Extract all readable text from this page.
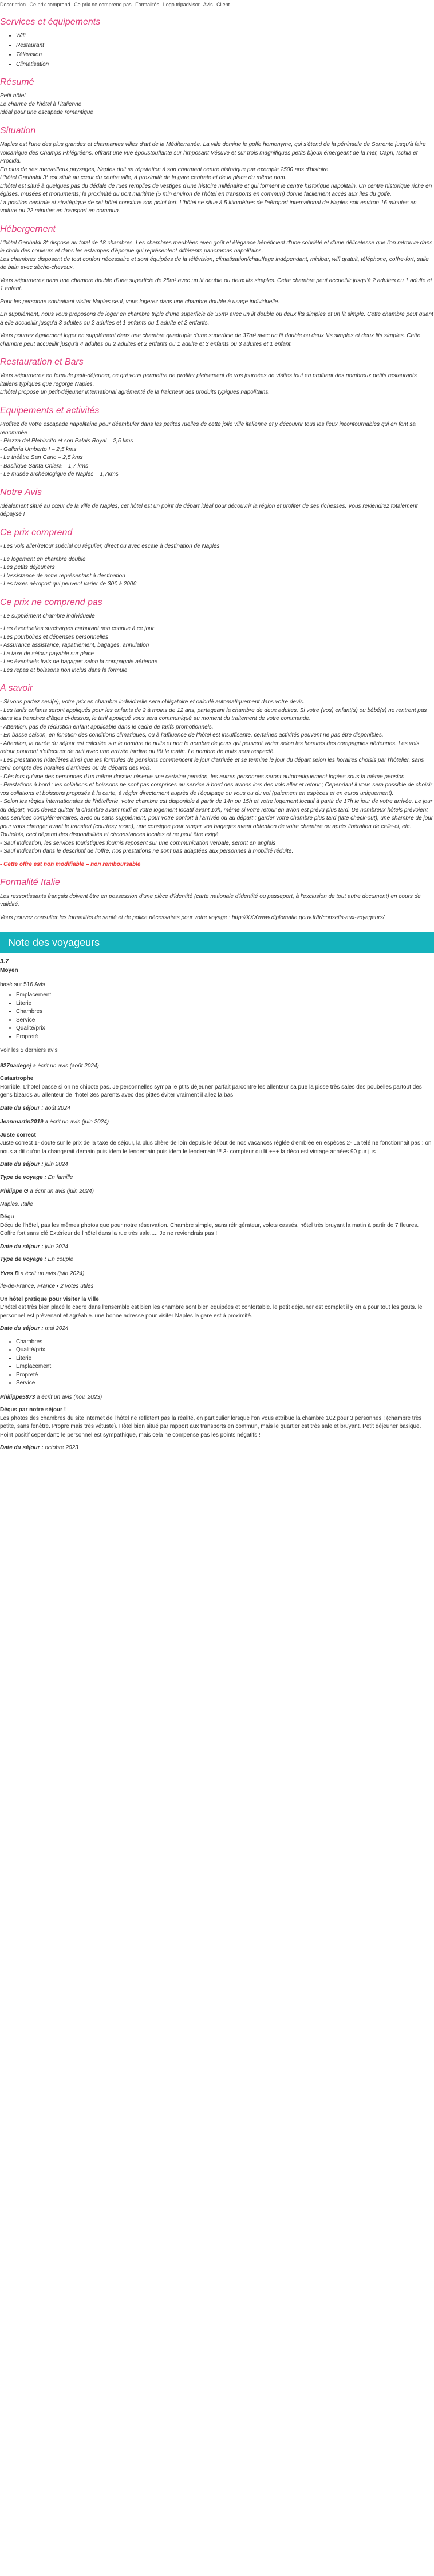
Description Ce prix comprend Ce prix ne comprend pas Formalités Logo tripadvisor Avis Client
Services et équipements
• Wifi
• Restaurant
• Télévision
• Climatisation
Résumé

Petit hôtel

Le charme de l'hôtel à l'italienne

Idéal pour une escapade romantique

Situation

Naples est l'une des plus grandes et charmantes villes d'art de la Méditerranée. La ville domine le golfe homonyme, qui s'étend de la péninsule de Sorrente jusqu'à faire volcanique des Champs Phlégréens, offrant une vue époustouflante sur l'imposant Vésuve et sur trois magnifiques petits bijoux émergeant de la mer, Capri, Ischia et Procida.

En plus de ses merveilleux paysages, Naples doit sa réputation à son charmant centre historique par exemple 2500 ans d'histoire.

L'hôtel Garibaldi 3* est situé au cœur du centre ville, à proximité de la gare centrale et de la place du même nom.

L'hôtel est situé à quelques pas du dédale de rues remplies de vestiges d'une histoire millénaire et qui forment le centre historique napolitain. Un centre historique riche en églises, musées et monuments; la proximité du port maritime (5 min environ de l'hôtel en transports en commun) donne facilement accès aux îles du golfe.

La position centrale et stratégique de cet hôtel constitue son point fort. L'hôtel se situe à 5 kilomètres de l'aéroport international de Naples soit environ 16 minutes en voiture ou 22 minutes en transport en commun.

Hébergement

L'hôtel Garibaldi 3* dispose au total de 18 chambres. Les chambres meublées avec goût et élégance bénéficient d'une sobriété et d'une délicatesse que l'on retrouve dans le choix des couleurs et dans les estampes d'époque qui représentent différents panoramas napolitains.

Les chambres disposent de tout confort nécessaire et sont équipées de la télévision, climatisation/chauffage indépendant, minibar, wifi gratuit, téléphone, coffre-fort, salle de bain avec sèche-cheveux.

Vous séjournerez dans une chambre double d'une superficie de 25m² avec un lit double ou deux lits simples. Cette chambre peut accueillir jusqu'à 2 adultes ou 1 adulte et 1 enfant.

Pour les personne souhaitant visiter Naples seul, vous logerez dans une chambre double à usage individuelle.

En supplément, nous vous proposons de loger en chambre triple d'une superficie de 35m² avec un lit double ou deux lits simples et un lit simple. Cette chambre peut quant à elle accueillir jusqu'à 3 adultes ou 2 adultes et 1 enfants ou 1 adulte et 2 enfants.

Vous pourrez également loger en supplément dans une chambre quadruple d'une superficie de 37m² avec un lit double ou deux lits simples et deux lits simples. Cette chambre peut accueillir jusqu'à 4 adultes ou 2 adultes et 2 enfants ou 1 adulte et 3 enfants ou 3 adultes et 1 enfant.

Restauration et Bars

Vous séjournerez en formule petit-déjeuner, ce qui vous permettra de profiter pleinement de vos journées de visites tout en profitant des nombreux petits restaurants italiens typiques que regorge Naples.

L'hôtel propose un petit-déjeuner international agrémenté de la fraîcheur des produits typiques napolitains.

Equipements et activités

Profitez de votre escapade napolitaine pour déambuler dans les petites ruelles de cette jolie ville italienne et y découvrir tous les lieux incontournables qui en font sa renommée :

- Piazza del Plebiscito et son Palais Royal – 2,5 kms

- Galleria Umberto I – 2,5 kms

- Le théâtre San Carlo – 2,5 kms

- Basilique Santa Chiara – 1,7 kms

- Le musée archéologique de Naples – 1,7kms

Notre Avis

Idéalement situé au cœur de la ville de Naples, cet hôtel est un point de départ idéal pour découvrir la région et profiter de ses richesses. Vous reviendrez totalement dépaysé !

Ce prix comprend

- Les vols aller/retour spécial ou régulier, direct ou avec escale à destination de Naples

- Le logement en chambre double

- Les petits déjeuners

- L'assistance de notre représentant à destination

- Les taxes aéroport qui peuvent varier de 30€ à 200€

Ce prix ne comprend pas

- Le supplément chambre individuelle

- Les éventuelles surcharges carburant non connue à ce jour

- Les pourboires et dépenses personnelles

- Assurance assistance, rapatriement, bagages, annulation

- La taxe de séjour payable sur place

- Les éventuels frais de bagages selon la compagnie aérienne

- Les repas et boissons non inclus dans la formule

A savoir

- Si vous partez seul(e), votre prix en chambre individuelle sera obligatoire et calculé automatiquement dans votre devis.

- Les tarifs enfants seront appliqués pour les enfants de 2 à moins de 12 ans, partageant la chambre de deux adultes. Si votre (vos) enfant(s) ou bébé(s) ne rentrent pas dans les tranches d'âges ci-dessus, le tarif appliqué vous sera communiqué au moment du traitement de votre commande.

- Attention, pas de réduction enfant applicable dans le cadre de tarifs promotionnels.

- En basse saison, en fonction des conditions climatiques, ou à l'affluence de l'hôtel est insuffisante, certaines activités peuvent ne pas être disponibles.

- Attention, la durée du séjour est calculée sur le nombre de nuits et non le nombre de jours qui peuvent varier selon les horaires des compagnies aériennes. Les vols retour pourront s'effectuer de nuit avec une arrivée tardive ou tôt le matin. Le nombre de nuits sera respecté.

- Les prestations hôtelières ainsi que les formules de pensions commencent le jour d'arrivée et se termine le jour du départ selon les horaires choisis par l'hôtelier, sans tenir compte des horaires d'arrivées ou de départs des vols.

- Dès lors qu'une des personnes d'un même dossier réserve une certaine pension, les autres personnes seront automatiquement logées sous la même pension.

- Prestations à bord : les collations et boissons ne sont pas comprises au service à bord des avions lors des vols aller et retour ; Cependant il vous sera possible de choisir vos collations et boissons proposés à la carte, à régler directement auprès de l'équipage ou vous ou du vol (paiement en espèces et en euros uniquement).

- Selon les règles internationales de l'hôtellerie, votre chambre est disponible à partir de 14h ou 15h et votre logement locatif à partir de 17h le jour de votre arrivée. Le jour du départ, vous devez quitter la chambre avant midi et votre logement locatif avant 10h, même si votre retour en avion est prévu plus tard. De nombreux hôtels prévoient des services complémentaires, avec ou sans supplément, pour votre confort à l'arrivée ou au départ : garder votre chambre plus tard (late check-out), une chambre de jour pour vous changer avant le transfert (courtesy room), une consigne pour ranger vos bagages avant obtention de votre chambre ou après libération de celle-ci, etc. Toutefois, ceci dépend des disponibilités et circonstances locales et ne peut être exigé.

- Sauf indication, les services touristiques fournis reposent sur une communication verbale, seront en anglais

- Sauf indication dans le descriptif de l'offre, nos prestations ne sont pas adaptées aux personnes à mobilité réduite.

- Cette offre est non modifiable – non remboursable

Formalité Italie

Les ressortissants français doivent être en possession d'une pièce d'identité (carte nationale d'identité ou passeport, à l'exclusion de tout autre document) en cours de validité.

Vous pouvez consulter les formalités de santé et de police nécessaires pour votre voyage : http://XXXwww.diplomatie.gouv.fr/fr/conseils-aux-voyageurs/

Note des voyageurs

3.7

Moyen

basé sur 516 Avis

• Emplacement
• Literie
• Chambres
• Service
• Qualité/prix
• Propreté

Voir les 5 derniers avis

927nadegej a écrit un avis (août 2024)

Catastrophe

Horrible. L'hotel passe si on ne chipote pas. Je personnelles sympa le ptits déjeuner parfait parcontre les allenteur sa pue la pisse très sales des poubelles partout des gens bizards au allenteur de l'hotel 3es parents avec des pittes éviter vraiment il allez la bas

Date du séjour : août 2024

Jeanmartin2019 a écrit un avis (juin 2024)

Juste correct

Juste correct 1- doute sur le prix de la taxe de séjour, la plus chère de loin depuis le début de nos vacances réglée d'emblée en espèces 2- La télé ne fonctionnait pas : on nous a dit qu'on la changerait demain puis idem le lendemain puis idem le lendemain !!! 3- compteur du lit +++ la déco est vintage années 90 pur jus

Date du séjour : juin 2024

Type de voyage : En famille

Philippe G a écrit un avis (juin 2024)

Naples, Italie

Déçu

Déçu de l'hôtel, pas les mêmes photos que pour notre réservation. Chambre simple, sans réfrigérateur, volets cassés, hôtel très bruyant la matin à partir de 7 fleures. Coffre fort sans clé Extérieur de l'hôtel dans la rue très sale..... Je ne reviendrais pas !

Date du séjour : juin 2024

Type de voyage : En couple

Yves B a écrit un avis (juin 2024)

Île-de-France, France • 2 votes utiles

Un hôtel pratique pour visiter la ville

L'hôtel est très bien placé le cadre dans l'ensemble est bien les chambre sont bien equipées et confortable. le petit déjeuner est complet il y en a pour tout les gouts. le personnel est prévenant et agréable. une bonne adresse pour visiter Naples la gare est à proximité.

Date du séjour : mai 2024

• Chambres
• Qualité/prix
• Literie
• Emplacement
• Propreté
• Service

Philippe5873 a écrit un avis (nov. 2023)

Déçus par notre séjour !

Les photos des chambres du site internet de l'hôtel ne reflètent pas la réalité, en particulier lorsque l'on vous attribue la chambre 102 pour 3 personnes ! (chambre très petite, sans fenêtre. Propre mais très vétuste). Hôtel bien situé par rapport aux transports en commun, mais le quartier est très sale et bruyant. Petit déjeuner basique. Point positif cependant: le personnel est sympathique, mais cela ne compense pas les points négatifs !

Date du séjour : octobre 2023
